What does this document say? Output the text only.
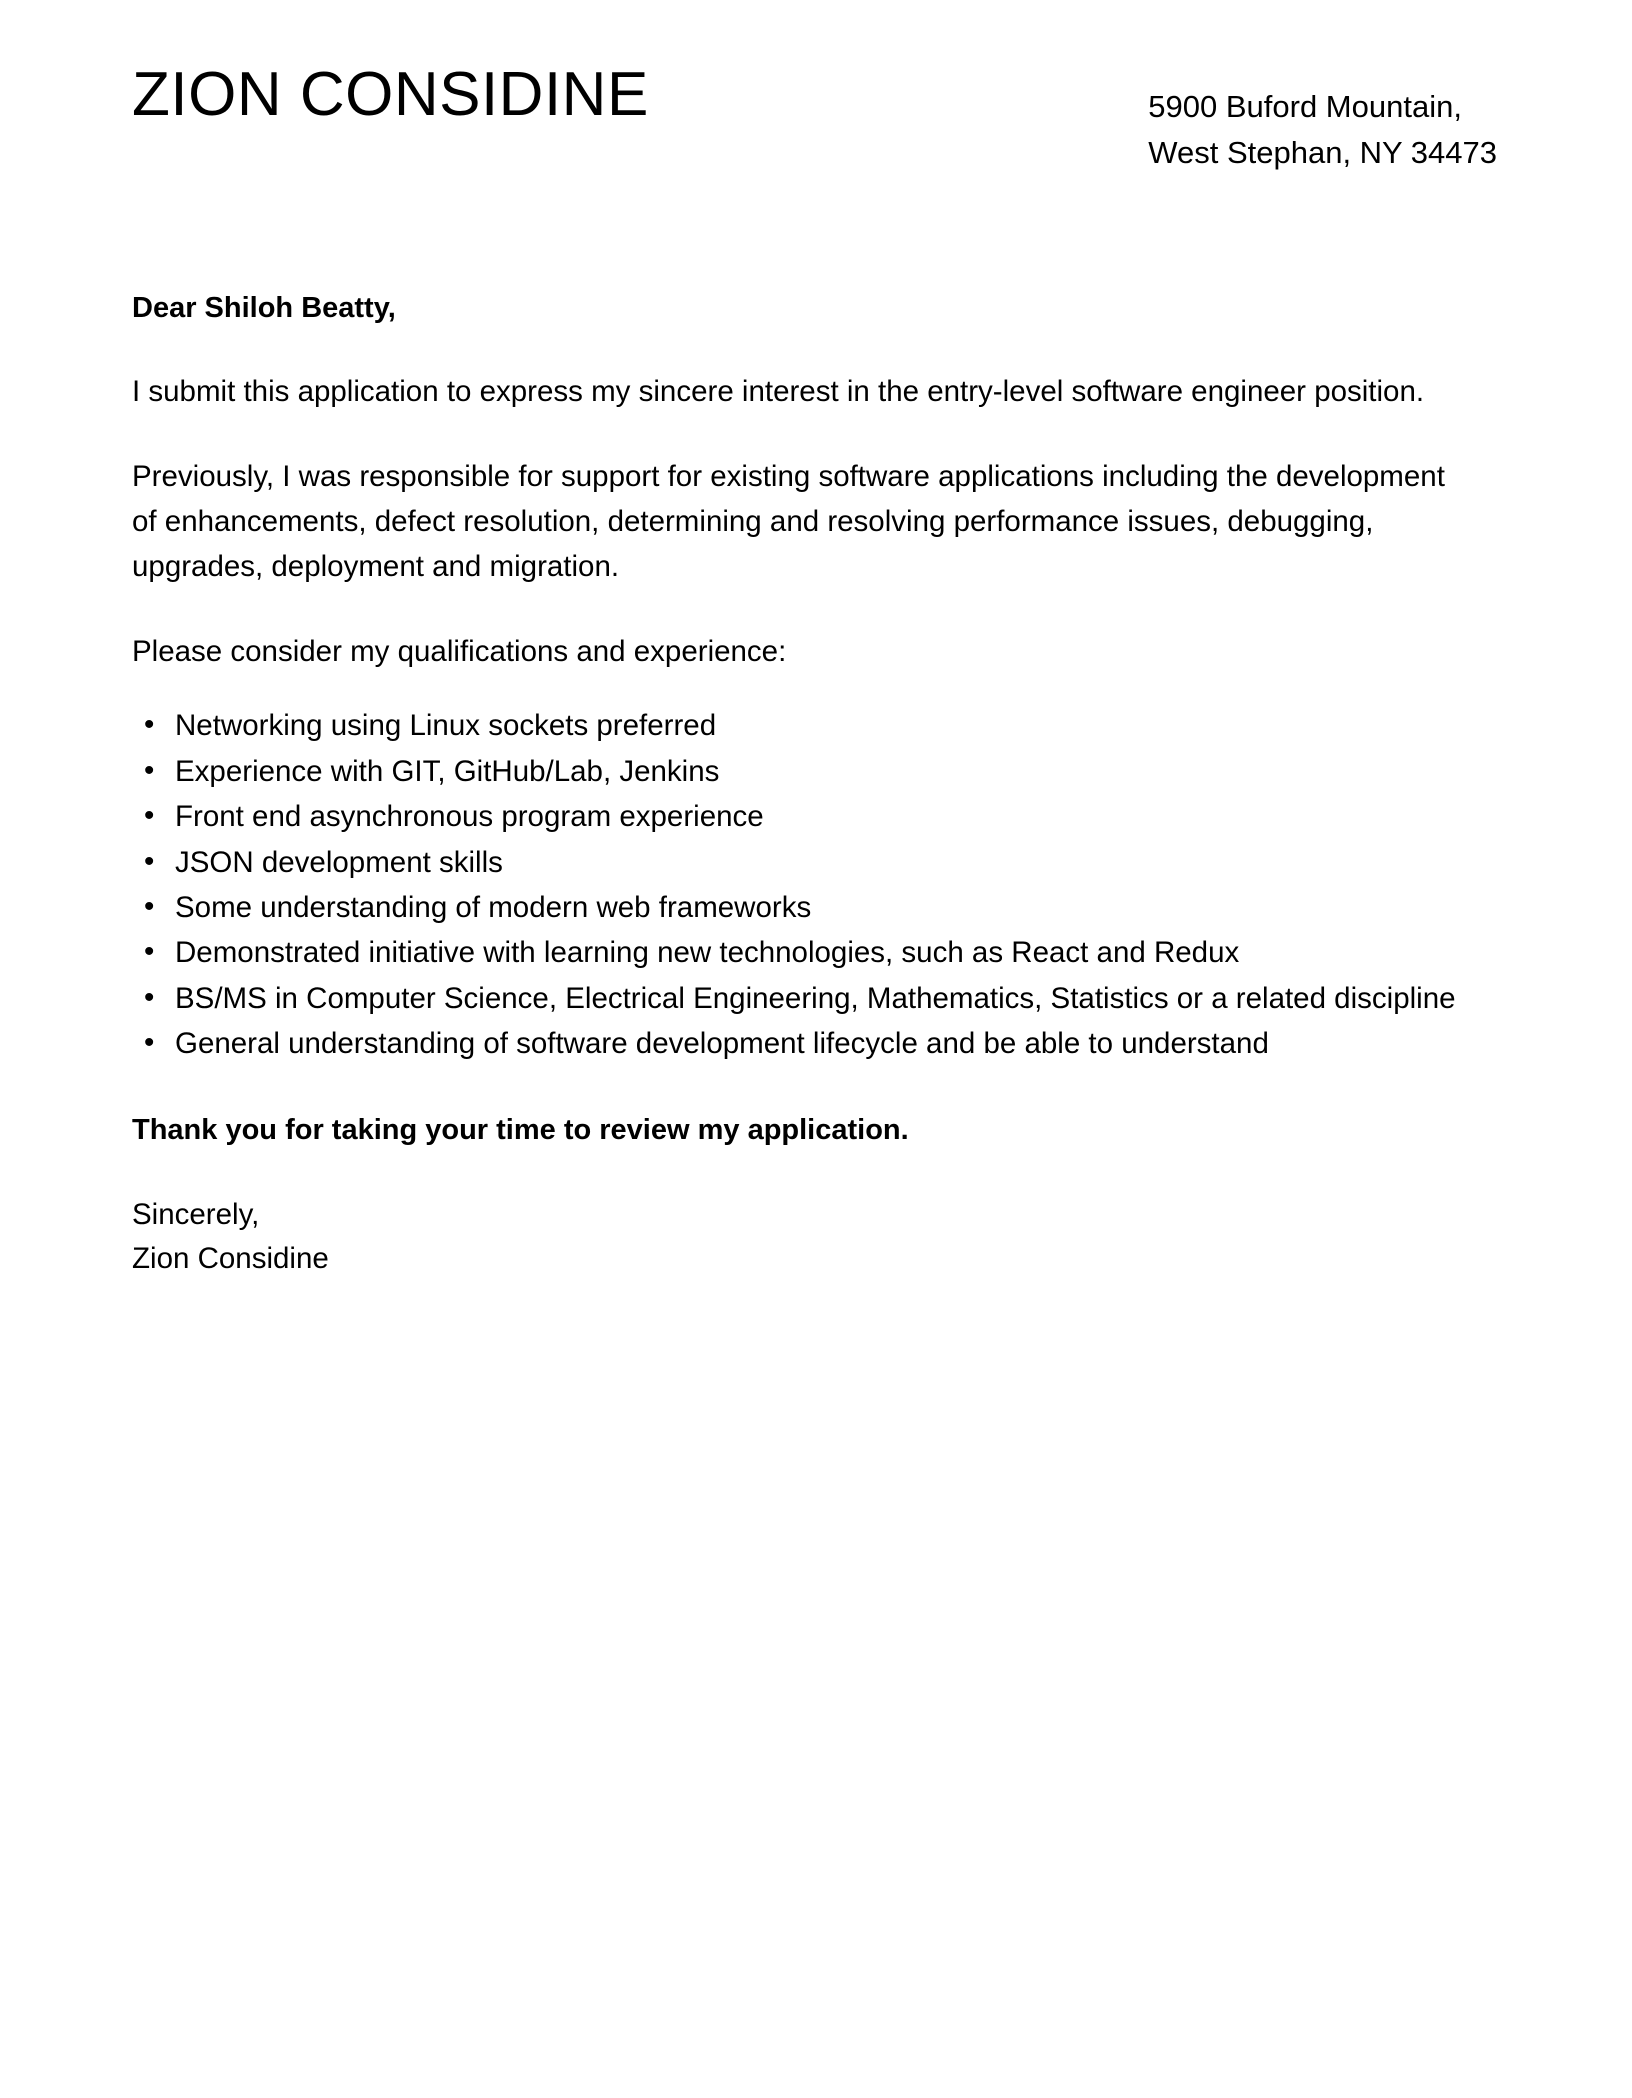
ZION CONSIDINE	5900 Buford Mountain,
West Stephan, NY 34473

Dear Shiloh Beatty,

I submit this application to express my sincere interest in the entry-level software engineer position.

Previously, I was responsible for support for existing software applications including the development of enhancements, defect resolution, determining and resolving performance issues, debugging, upgrades, deployment and migration.

Please consider my qualifications and experience:

• Networking using Linux sockets preferred
• Experience with GIT, GitHub/Lab, Jenkins
• Front end asynchronous program experience
• JSON development skills
• Some understanding of modern web frameworks
• Demonstrated initiative with learning new technologies, such as React and Redux
• BS/MS in Computer Science, Electrical Engineering, Mathematics, Statistics or a related discipline
• General understanding of software development lifecycle and be able to understand

Thank you for taking your time to review my application.

Sincerely,
Zion Considine
